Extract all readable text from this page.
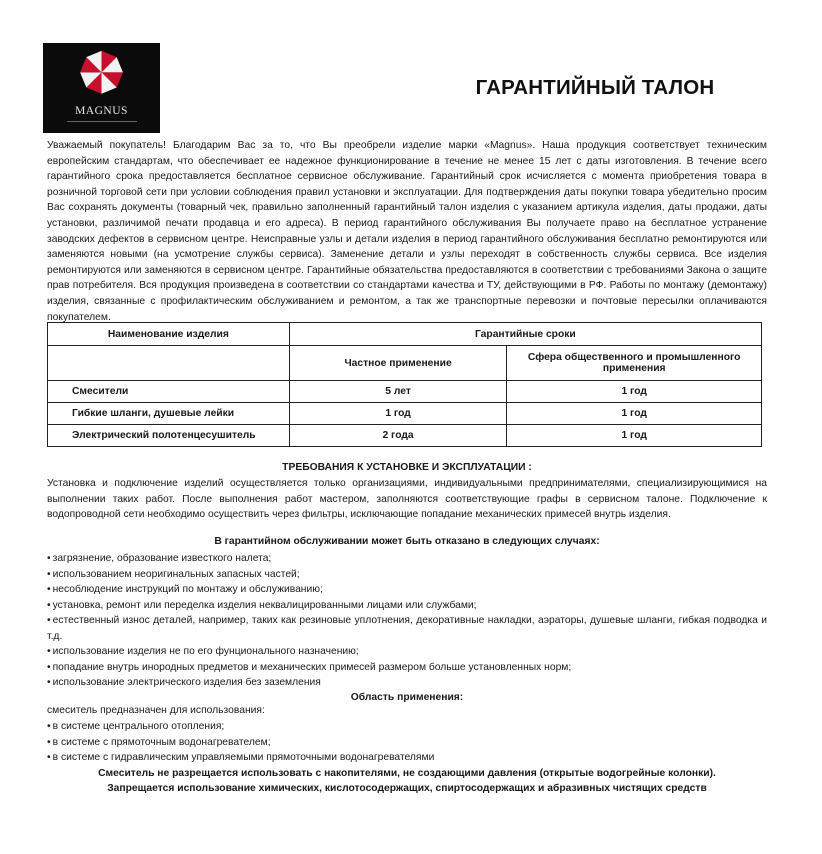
MAGNUS
ГАРАНТИЙНЫЙ ТАЛОН

Уважаемый покупатель! Благодарим Вас за то, что Вы преобрели изделие марки «Magnus». Наша продукция соответствует техническим европейским стандартам, что обеспечивает ее надежное функционирование в течение не менее 15 лет с даты изготовления. В течение всего гарантийного срока предоставляется бесплатное сервисное обслуживание. Гарантийный срок исчисляется с момента приобретения товара в розничной торговой сети при условии соблюдения правил установки и эксплуатации. Для подтверждения даты покупки товара убедительно просим Вас сохранять документы (товарный чек, правильно заполненный гарантийный талон изделия с указанием артикула изделия, даты продажи, даты установки, различимой печати продавца и его адреса). В период гарантийного обслуживания Вы получаете право на бесплатное устранение заводских дефектов в сервисном центре. Неисправные узлы и детали изделия в период гарантийного обслуживания бесплатно ремонтируются или заменяются новыми (на усмотрение службы сервиса). Заменение детали и узлы переходят в собственность службы сервиса. Все изделия ремонтируются или заменяются в сервисном центре. Гарантийные обязательства предоставляются в соответствии с требованиями Закона о защите прав потребителя. Вся продукция произведена в соответствии со стандартами качества и ТУ, действующими в РФ. Работы по монтажу (демонтажу) изделия, связанные с профилактическим обслуживанием и ремонтом, а так же транспортные перевозки и почтовые пересылки оплачиваются покупателем.

Наименование изделия	Гарантийные сроки	
	Частное применение	Сфера общественного и промышленного применения
Смесители	5 лет	1 год
Гибкие шланги, душевые лейки	1 год	1 год
Электрический полотенцесушитель	2 года	1 год

ТРЕБОВАНИЯ К УСТАНОВКЕ И ЭКСПЛУАТАЦИИ :

Установка и подключение изделий осуществляется только организациями, индивидуальными предпринимателями, специализирующимися на выполнении таких работ. После выполнения работ мастером, заполняются соответствующие графы в сервисном талоне. Подключение к водопроводной сети необходимо осуществить через фильтры, исключающие попадание механических примесей внутрь изделия.

В гарантийном обслуживании может быть отказано в следующих случаях:

• загрязнение, образование известкого налета;
• использованием неоригинальных запасных частей;
• несоблюдение инструкций по монтажу и обслуживанию;
• установка, ремонт или переделка изделия неквалицированными лицами или службами;
• естественный износ деталей, например, таких как резиновые уплотнения, декоративные накладки, аэраторы, душевые шланги, гибкая подводка и т.д.
• использование изделия не по его фунционального назначению;
• попадание внутрь инородных предметов и механических примесей размером больше установленных норм;
• использование электрического изделия без заземления

Область применения:

смеситель предназначен для использования:

• в системе центрального отопления;
• в системе с прямоточным водонагревателем;
• в системе с гидравлическим управляемыми прямоточными водонагревателями

Смеситель не разрещается использовать с накопителями, не создающими давления (открытые водогрейные колонки).

Запрещается использование химических, кислотосодержащих, спиртосодержащих и абразивных чистящих средств
